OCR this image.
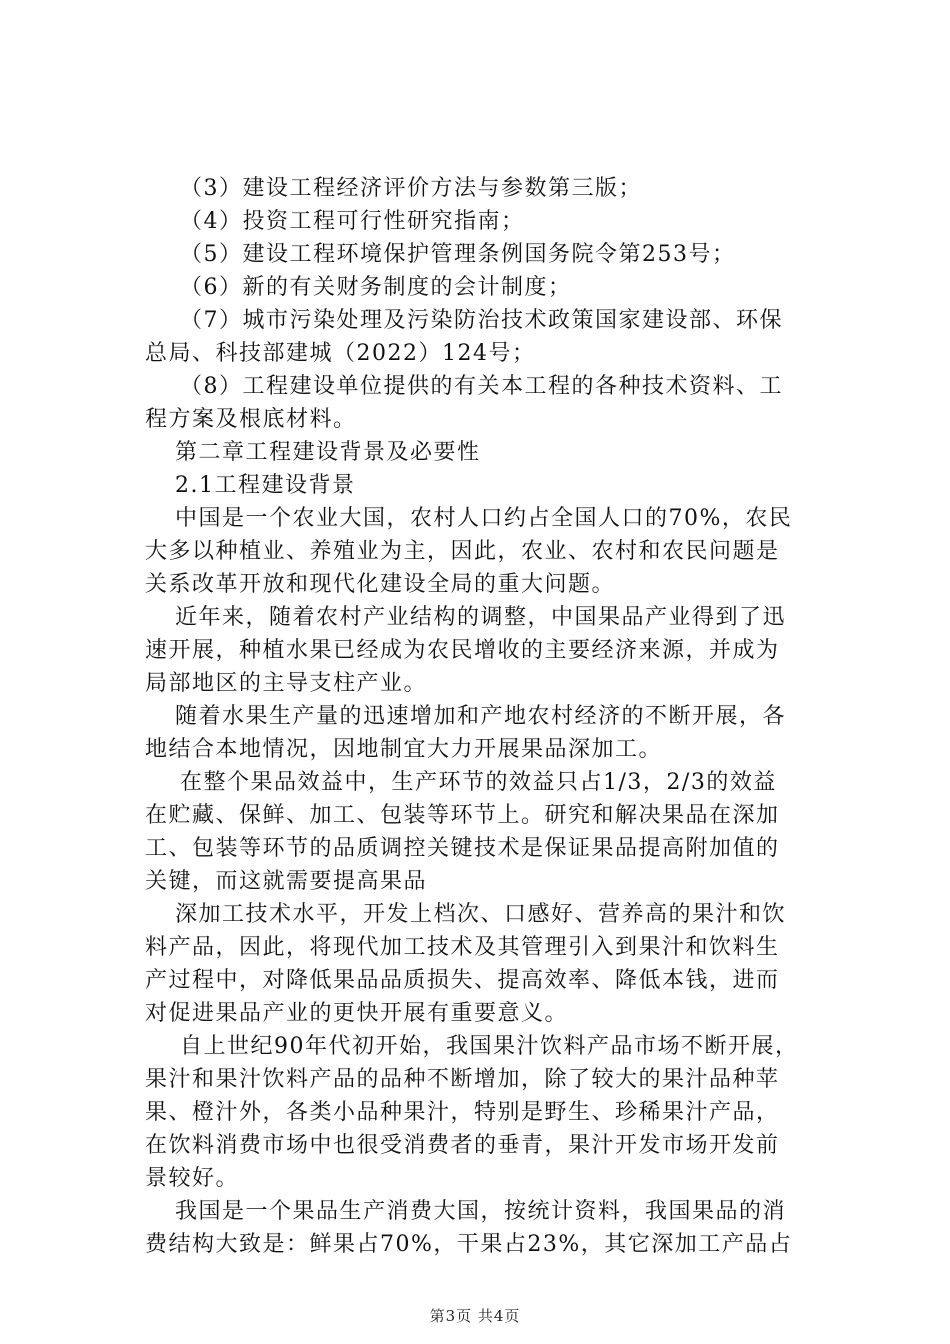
（3）建设工程经济评价方法与参数第三版；
（4）投资工程可行性研究指南；
（5）建设工程环境保护管理条例国务院令第253号；
（6）新的有关财务制度的会计制度；
（7）城市污染处理及污染防治技术政策国家建设部、环保
总局、科技部建城（2022）124号；
（8）工程建设单位提供的有关本工程的各种技术资料、工
程方案及根底材料。
第二章工程建设背景及必要性
2.1工程建设背景
中国是一个农业大国，农村人口约占全国人口的70%，农民
大多以种植业、养殖业为主，因此，农业、农村和农民问题是
关系改革开放和现代化建设全局的重大问题。
近年来，随着农村产业结构的调整，中国果品产业得到了迅
速开展，种植水果已经成为农民增收的主要经济来源，并成为
局部地区的主导支柱产业。
随着水果生产量的迅速增加和产地农村经济的不断开展，各
地结合本地情况，因地制宜大力开展果品深加工。
在整个果品效益中，生产环节的效益只占1/3，2/3的效益
在贮藏、保鲜、加工、包装等环节上。研究和解决果品在深加
工、包装等环节的品质调控关键技术是保证果品提高附加值的
关键，而这就需要提高果品
深加工技术水平，开发上档次、口感好、营养高的果汁和饮
料产品，因此，将现代加工技术及其管理引入到果汁和饮料生
产过程中，对降低果品品质损失、提高效率、降低本钱，进而
对促进果品产业的更快开展有重要意义。
自上世纪90年代初开始，我国果汁饮料产品市场不断开展，
果汁和果汁饮料产品的品种不断增加，除了较大的果汁品种苹
果、橙汁外，各类小品种果汁，特别是野生、珍稀果汁产品，
在饮料消费市场中也很受消费者的垂青，果汁开发市场开发前
景较好。
我国是一个果品生产消费大国，按统计资料，我国果品的消
费结构大致是：鲜果占70%，干果占23%，其它深加工产品占
第3页 共4页
